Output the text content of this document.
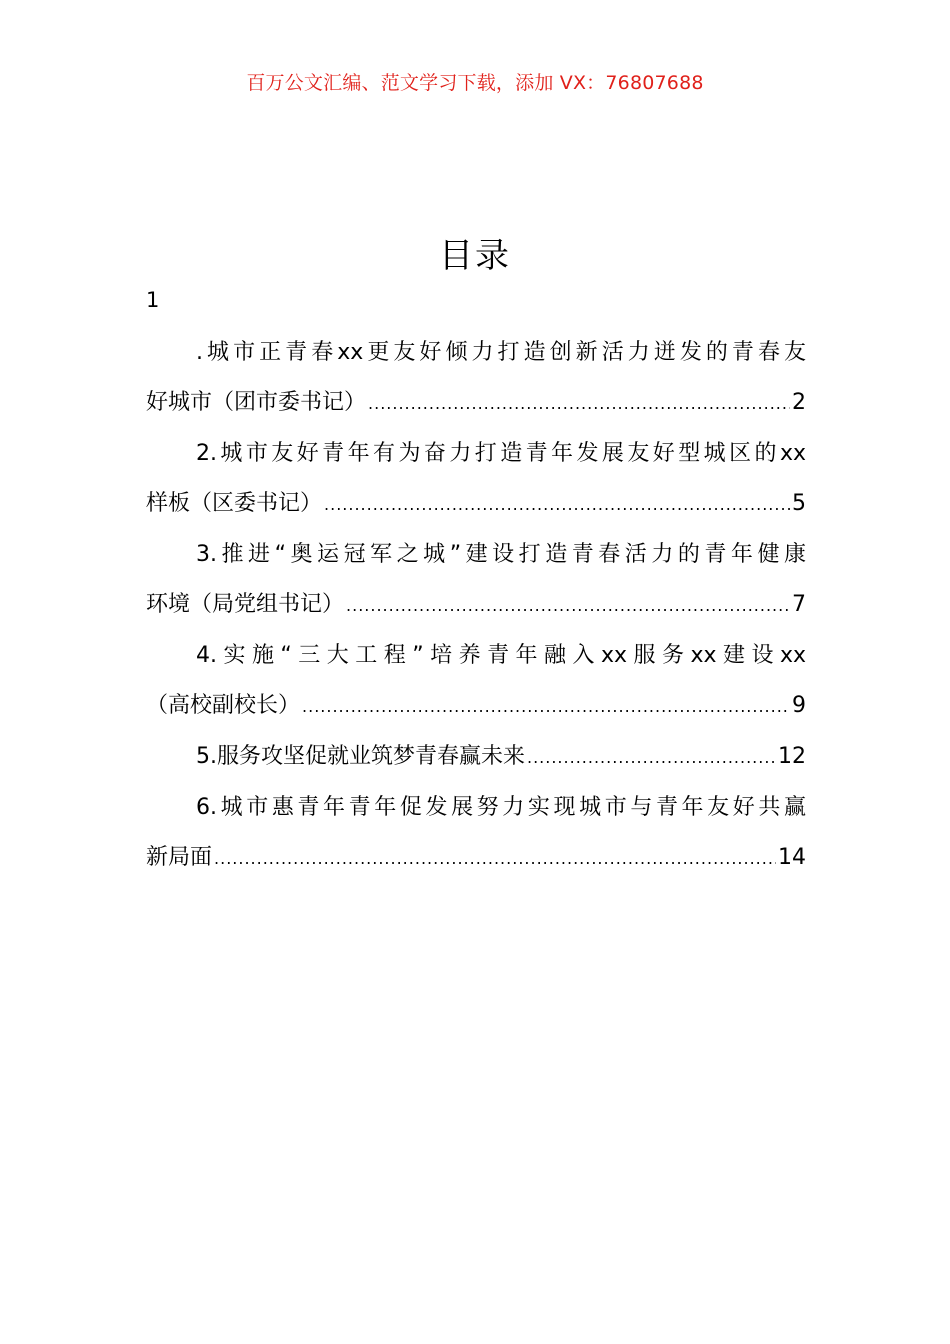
百万公文汇编、范文学习下载，添加 VX：76807688
目录
1
.城市正青春xx更友好倾力打造创新活力迸发的青春友
好城市（团市委书记） .....	2
2.城市友好青年有为奋力打造青年发展友好型城区的xx
样板（区委书记） .....	5
3.推进“奥运冠军之城”建设打造青春活力的青年健康
环境（局党组书记） .....	7
4.实施“三大工程”培养青年融入xx服务xx建设xx
（高校副校长） .....	9
5.服务攻坚促就业筑梦青春赢未来 .....	12
6.城市惠青年青年促发展努力实现城市与青年友好共赢
新局面 .....	14
